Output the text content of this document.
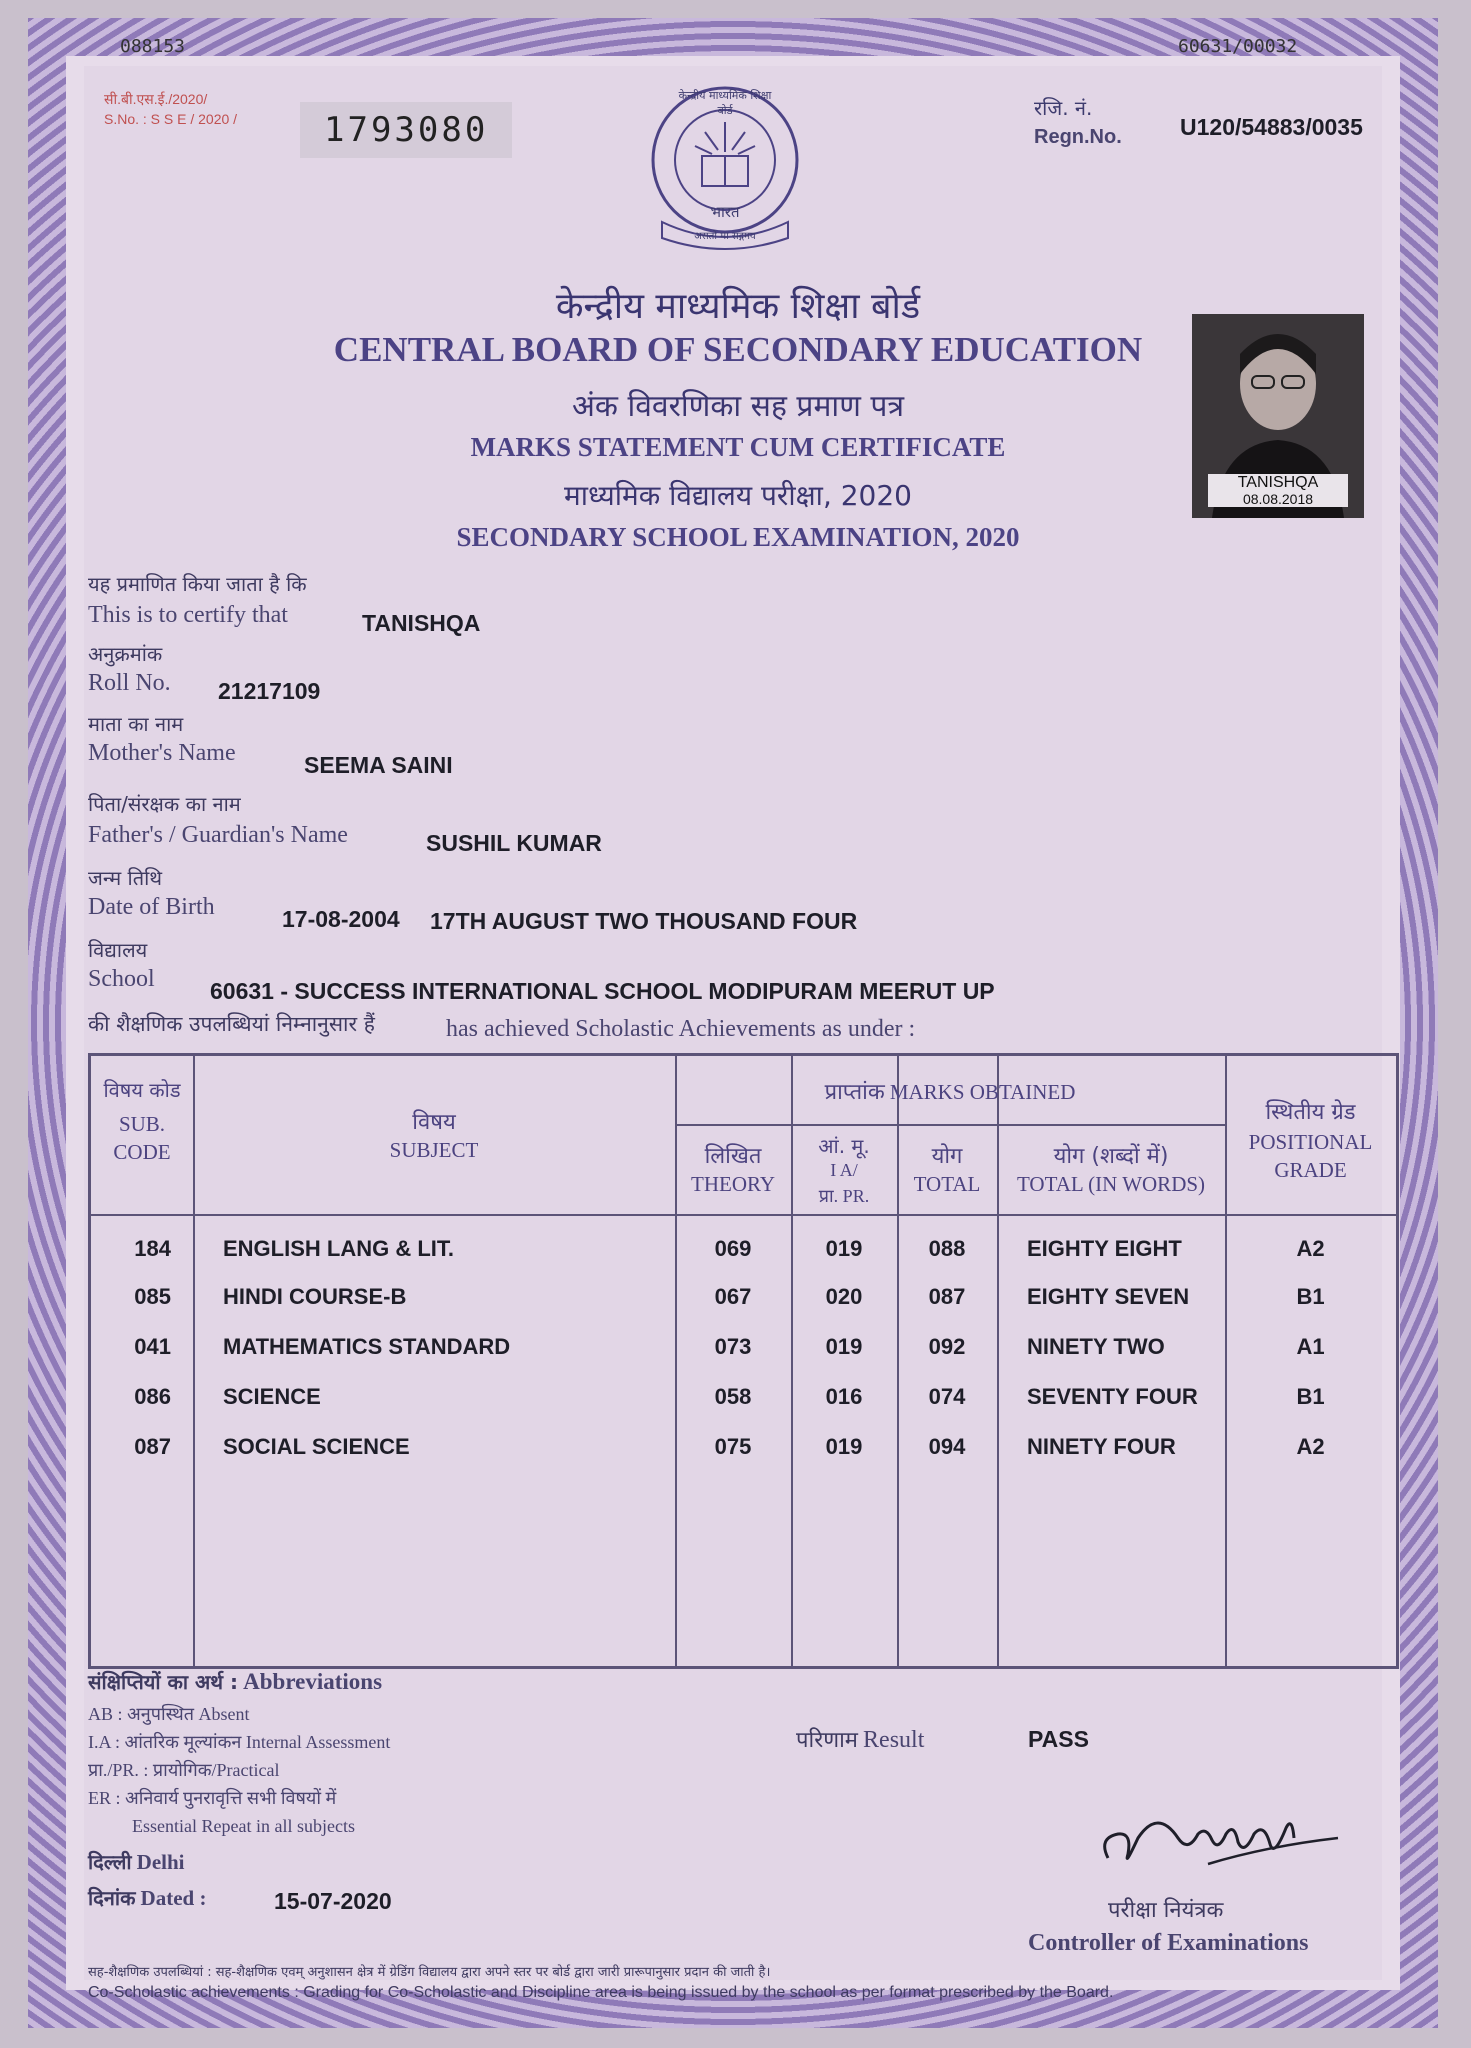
088153	60631/00032
सी.बी.एस.ई./2020/
S.No. : S S E / 2020 /	1793080
केन्द्रीय माध्यमिक शिक्षा बोर्ड
भारत
असतो मा सद्गमय
रजि. नं.
Regn.No.	U120/54883/0035
केन्द्रीय माध्यमिक शिक्षा बोर्ड
CENTRAL BOARD OF SECONDARY EDUCATION
अंक विवरणिका सह प्रमाण पत्र
MARKS STATEMENT CUM CERTIFICATE
माध्यमिक विद्यालय परीक्षा, 2020
SECONDARY SCHOOL EXAMINATION, 2020
TANISHQA
08.08.2018
यह प्रमाणित किया जाता है कि
This is to certify that	TANISHQA
अनुक्रमांक
Roll No. 21217109
माता का नाम
Mother's Name	SEEMA SAINI
पिता/संरक्षक का नाम
Father's / Guardian's Name	SUSHIL KUMAR
जन्म तिथि
Date of Birth	17-08-2004 17TH AUGUST TWO THOUSAND FOUR
विद्यालय
School 60631 - SUCCESS INTERNATIONAL SCHOOL MODIPURAM MEERUT UP
की शैक्षणिक उपलब्धियां निम्नानुसार हैं	has achieved Scholastic Achievements as under :
विषय कोड
SUB.
CODE
विषय
SUBJECT
प्राप्तांक MARKS OBTAINED
लिखित
THEORY
आं. मू.
I A/
प्रा. PR.
योग
TOTAL
योग (शब्दों में)
TOTAL (IN WORDS)
स्थितीय ग्रेड
POSITIONAL
GRADE
184 ENGLISH LANG & LIT.	069	019	088	EIGHTY EIGHT	A2
085 HINDI COURSE-B	067	020	087	EIGHTY SEVEN	B1
041 MATHEMATICS STANDARD	073	019	092	NINETY TWO	A1
086 SCIENCE	058	016	074	SEVENTY FOUR	B1
087 SOCIAL SCIENCE	075	019	094	NINETY FOUR	A2
संक्षिप्तियों का अर्थ : Abbreviations
AB : अनुपस्थित Absent
I.A : आंतरिक मूल्यांकन Internal Assessment
प्रा./PR. : प्रायोगिक/Practical
ER : अनिवार्य पुनरावृत्ति सभी विषयों में
Essential Repeat in all subjects
परिणाम Result	PASS
दिल्ली Delhi
दिनांक Dated :	15-07-2020	परीक्षा नियंत्रक
Controller of Examinations
सह-शैक्षणिक उपलब्धियां : सह-शैक्षणिक एवम् अनुशासन क्षेत्र में ग्रेडिंग विद्यालय द्वारा अपने स्तर पर बोर्ड द्वारा जारी प्रारूपानुसार प्रदान की जाती है।
Co-Scholastic achievements : Grading for Co-Scholastic and Discipline area is being issued by the school as per format prescribed by the Board.
